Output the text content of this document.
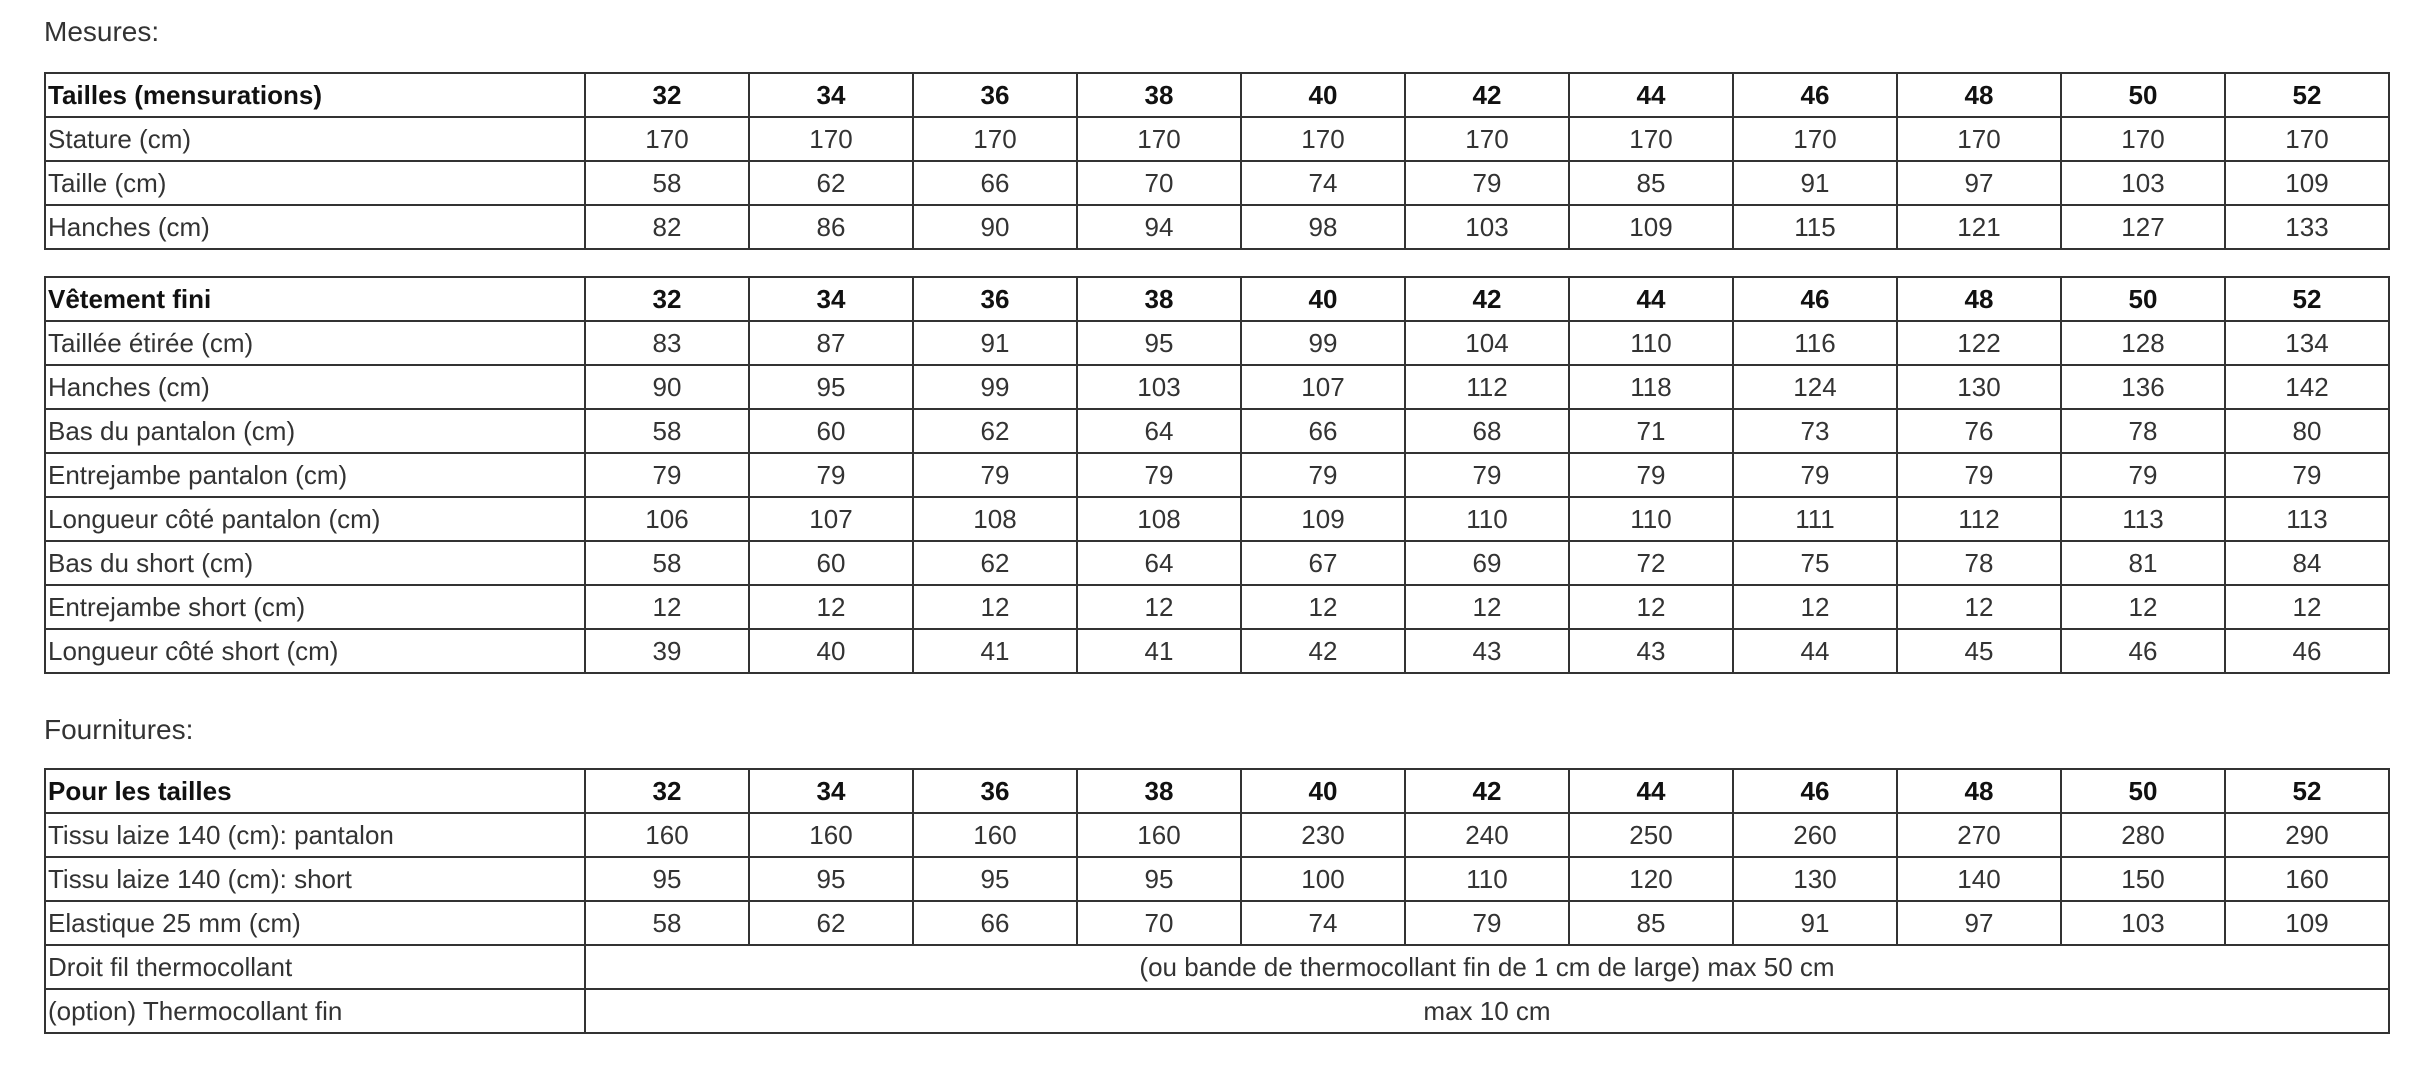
Mesures:
Tailles (mensurations)	32	34	36	38	40	42	44	46	48	50	52
Stature (cm)	170	170	170	170	170	170	170	170	170	170	170
Taille (cm)	58	62	66	70	74	79	85	91	97	103	109
Hanches (cm)	82	86	90	94	98	103	109	115	121	127	133
Vêtement fini	32	34	36	38	40	42	44	46	48	50	52
Taillée étirée (cm)	83	87	91	95	99	104	110	116	122	128	134
Hanches (cm)	90	95	99	103	107	112	118	124	130	136	142
Bas du pantalon (cm)	58	60	62	64	66	68	71	73	76	78	80
Entrejambe pantalon (cm)	79	79	79	79	79	79	79	79	79	79	79
Longueur côté pantalon (cm)	106	107	108	108	109	110	110	111	112	113	113
Bas du short (cm)	58	60	62	64	67	69	72	75	78	81	84
Entrejambe short (cm)	12	12	12	12	12	12	12	12	12	12	12
Longueur côté short (cm)	39	40	41	41	42	43	43	44	45	46	46
Fournitures:
Pour les tailles	32	34	36	38	40	42	44	46	48	50	52
Tissu laize 140 (cm): pantalon	160	160	160	160	230	240	250	260	270	280	290
Tissu laize 140 (cm): short	95	95	95	95	100	110	120	130	140	150	160
Elastique 25 mm (cm)	58	62	66	70	74	79	85	91	97	103	109
Droit fil thermocollant	(ou bande de thermocollant fin de 1 cm de large) max 50 cm										
(option) Thermocollant fin	max 10 cm										
